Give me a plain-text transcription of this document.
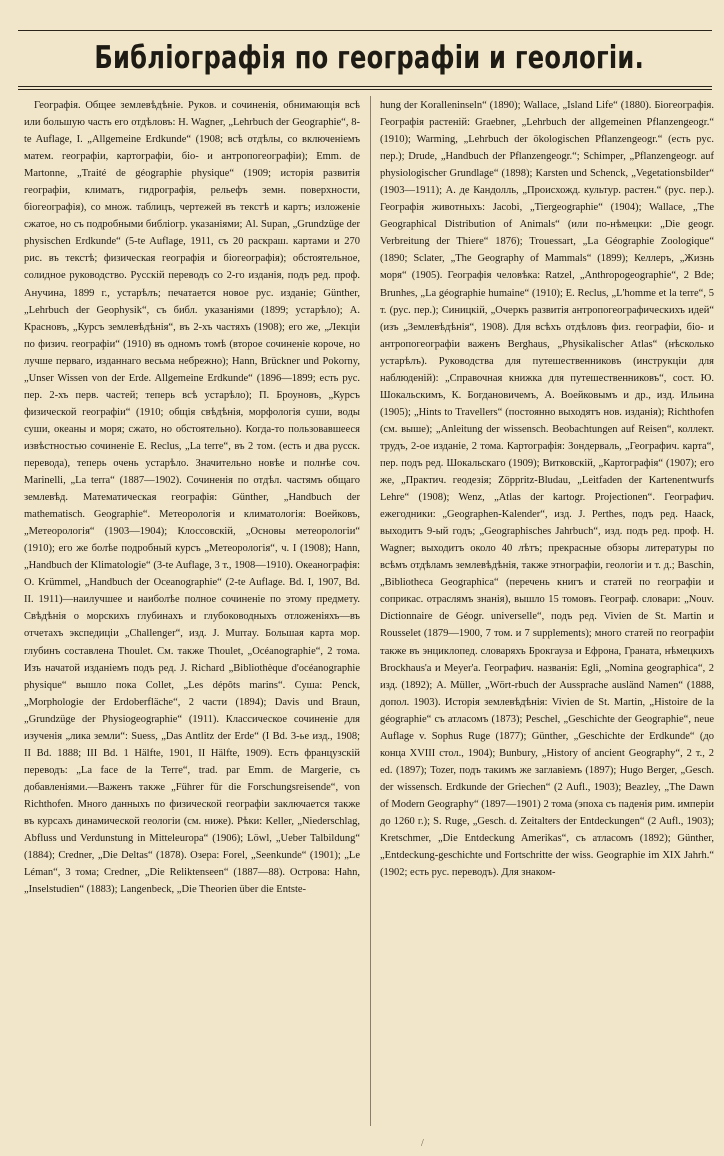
Библіографія по географіи и геологіи.

Географія. Общее землевѣдѣніе. Руков. и сочиненія, обнимающія всѣ или большую часть его отдѣловъ: H. Wagner, „Lehrbuch der Geographie“, 8-te Auflage, I. „Allgemeine Erdkunde“ (1908; всѣ отдѣлы, со включеніемъ матем. географіи, картографіи, біо- и антропогеографіи); Emm. de Martonne, „Traité de géographie physique“ (1909; исторія развитія географіи, климатъ, гидрографія, рельефъ земн. поверхности, біогеографія), со множ. таблицъ, чертежей въ текстѣ и картъ; изложеніе сжатое, но съ подробными библіогр. указаніями; Al. Supan, „Grundzüge der physischen Erdkunde“ (5-te Auflage, 1911, съ 20 раскраш. картами и 270 рис. въ текстѣ; физическая географія и біогеографія); обстоятельное, солидное руководство. Русскій переводъ со 2-го изданія, подъ ред. проф. Анучина, 1899 г., устарѣлъ; печатается новое рус. изданіе; Günther, „Lehrbuch der Geophysik“, съ библ. указаніями (1899; устарѣло); А. Красновъ, „Курсъ землевѣдѣнія“, въ 2-хъ частяхъ (1908); его же, „Лекціи по физич. географіи“ (1910) въ одномъ томѣ (второе сочиненіе короче, но лучше перваго, изданнаго весьма небрежно); Hann, Brückner und Pokorny, „Unser Wissen von der Erde. Allgemeine Erdkunde“ (1896—1899; есть рус. пер. 2-хъ перв. частей; теперь всѣ устарѣло); П. Броуновъ, „Курсъ физической географіи“ (1910; общія свѣдѣнія, морфологія суши, воды суши, океаны и моря; сжато, но обстоятельно). Когда-то пользовавшееся извѣстностью сочиненіе E. Reclus, „La terre“, въ 2 том. (есть и два русск. перевода), теперь очень устарѣло. Значительно новѣе и полнѣе соч. Marinelli, „La terra“ (1887—1902). Сочиненія по отдѣл. частямъ общаго землевѣд. Математическая географія: Günther, „Handbuch der mathematisch. Geographie“. Метеорологія и климатологія: Воейковъ, „Метеорологія“ (1903—1904); Клоссовскій, „Основы метеорологіи“ (1910); его же болѣе подробный курсъ „Метеорологія“, ч. I (1908); Hann, „Handbuch der Klimatologie“ (3-te Auflage, 3 т., 1908—1910). Океанографія: O. Krümmel, „Handbuch der Oceanographie“ (2-te Auflage. Bd. I, 1907, Bd. II. 1911)—наилучшее и наиболѣе полное сочиненіе по этому предмету. Свѣдѣнія о морскихъ глубинахъ и глубоководныхъ отложеніяхъ—въ отчетахъ экспедиціи „Challenger“, изд. J. Murray. Большая карта мор. глубинъ составлена Thoulet. См. также Thoulet, „Océanographie“, 2 тома. Изъ начатой изданіемъ подъ ред. J. Richard „Bibliothèque d'océanographie physique“ вышло пока Collet, „Les dépôts marins“. Суша: Penck, „Morphologie der Erdoberfläche“, 2 части (1894); Davis und Braun, „Grundzüge der Physiogeographie“ (1911). Классическое сочиненіе для изученія „лика земли“: Suess, „Das Antlitz der Erde“ (I Bd. 3-ье изд., 1908; II Bd. 1888; III Bd. 1 Hälfte, 1901, II Hälfte, 1909). Есть французскій переводъ: „La face de la Terre“, trad. par Emm. de Margerie, съ добавленіями.—Важенъ также „Führer für die Forschungsreisende“, von Richthofen. Много данныхъ по физической географіи заключается также въ курсахъ динамической геологіи (см. ниже). Рѣки: Keller, „Niederschlag, Abfluss und Verdunstung in Mitteleuropa“ (1906); Löwl, „Ueber Talbildung“ (1884); Credner, „Die Deltas“ (1878). Озера: Forel, „Seenkunde“ (1901); „Le Léman“, 3 тома; Credner, „Die Reliktenseen“ (1887—88). Острова: Hahn, „Inselstudien“ (1883); Langenbeck, „Die Theorien über die Entste-

hung der Koralleninseln“ (1890); Wallace, „Island Life“ (1880). Біогеографія. Географія растеній: Graebner, „Lehrbuch der allgemeinen Pflanzengeogr.“ (1910); Warming, „Lehrbuch der ökologischen Pflanzengeogr.“ (есть рус. пер.); Drude, „Handbuch der Pflanzengeogr.“; Schimper, „Pflanzengeogr. auf physiologischer Grundlage“ (1898); Karsten und Schenck, „Vegetationsbilder“ (1903—1911); А. де Кандолль, „Происхожд. культур. растен.“ (рус. пер.). Географія животныхъ: Jacobi, „Tiergeographie“ (1904); Wallace, „The Geographical Distribution of Animals“ (или по-нѣмецки: „Die geogr. Verbreitung der Thiere“ 1876); Trouessart, „La Géographie Zoologique“ (1890; Sclater, „The Geography of Mammals“ (1899); Келлеръ, „Жизнь моря“ (1905). Географія человѣка: Ratzel, „Anthropogeographie“, 2 Bde; Brunhes, „La géographie humaine“ (1910); E. Reclus, „L'homme et la terre“, 5 т. (рус. пер.); Синицкій, „Очеркъ развитія антропогеографическихъ идей“ (изъ „Землевѣдѣнія“, 1908). Для всѣхъ отдѣловъ физ. географіи, біо- и антропогеографіи важенъ Berghaus, „Physikalischer Atlas“ (нѣсколько устарѣлъ). Руководства для путешественниковъ (инструкціи для наблюденій): „Справочная книжка для путешественниковъ“, сост. Ю. Шокальскимъ, К. Богдановичемъ, А. Воейковымъ и др., изд. Ильина (1905); „Hints to Travellers“ (постоянно выходятъ нов. изданія); Richthofen (см. выше); „Anleitung der wissensch. Beobachtungen auf Reisen“, коллект. трудъ, 2-ое изданіе, 2 тома. Картографія: Зондерваль, „Географич. карта“, пер. подъ ред. Шокальскаго (1909); Витковскій, „Картографія“ (1907); его же, „Практич. геодезія; Zöppritz-Bludau, „Leitfaden der Kartenentwurfs Lehre“ (1908); Wenz, „Atlas der kartogr. Projectionen“. Географич. ежегодники: „Geographen-Kalender“, изд. J. Perthes, подъ ред. Haack, выходитъ 9-ый годъ; „Geographisches Jahrbuch“, изд. подъ ред. проф. H. Wagner; выходитъ около 40 лѣтъ; прекрасные обзоры литературы по всѣмъ отдѣламъ землевѣдѣнія, также этнографіи, геологіи и т. д.; Baschin, „Bibliotheca Geographica“ (перечень книгъ и статей по географіи и соприкас. отраслямъ знанія), вышло 15 томовъ. Географ. словари: „Nouv. Dictionnaire de Géogr. universelle“, подъ ред. Vivien de St. Martin и Rousselet (1879—1900, 7 том. и 7 supplements); много статей по географіи также въ энциклопед. словаряхъ Брокгауза и Ефрона, Граната, нѣмецкихъ Brockhaus'a и Meyer'a. Географич. названія: Egli, „Nomina geographica“, 2 изд. (1892); A. Müller, „Wört-rbuch der Aussprache ausländ Namen“ (1888, допол. 1903). Исторія землевѣдѣнія: Vivien de St. Martin, „Histoire de la géographie“ съ атласомъ (1873); Peschel, „Geschichte der Geographie“, neue Auflage v. Sophus Ruge (1877); Günther, „Geschichte der Erdkunde“ (до конца XVIII стол., 1904); Bunbury, „History of ancient Geography“, 2 т., 2 ed. (1897); Tozer, подъ такимъ же заглавіемъ (1897); Hugo Berger, „Gesch. der wissensch. Erdkunde der Griechen“ (2 Aufl., 1903); Beazley, „The Dawn of Modern Geography“ (1897—1901) 2 тома (эпоха съ паденія рим. имперіи до 1260 г.); S. Ruge, „Gesch. d. Zeitalters der Entdeckungen“ (2 Aufl., 1903); Kretschmer, „Die Entdeckung Amerikas“, съ атласомъ (1892); Günther, „Entdeckung-geschichte und Fortschritte der wiss. Geographie im XIX Jahrh.“ (1902; есть рус. переводъ). Для знаком-

/
